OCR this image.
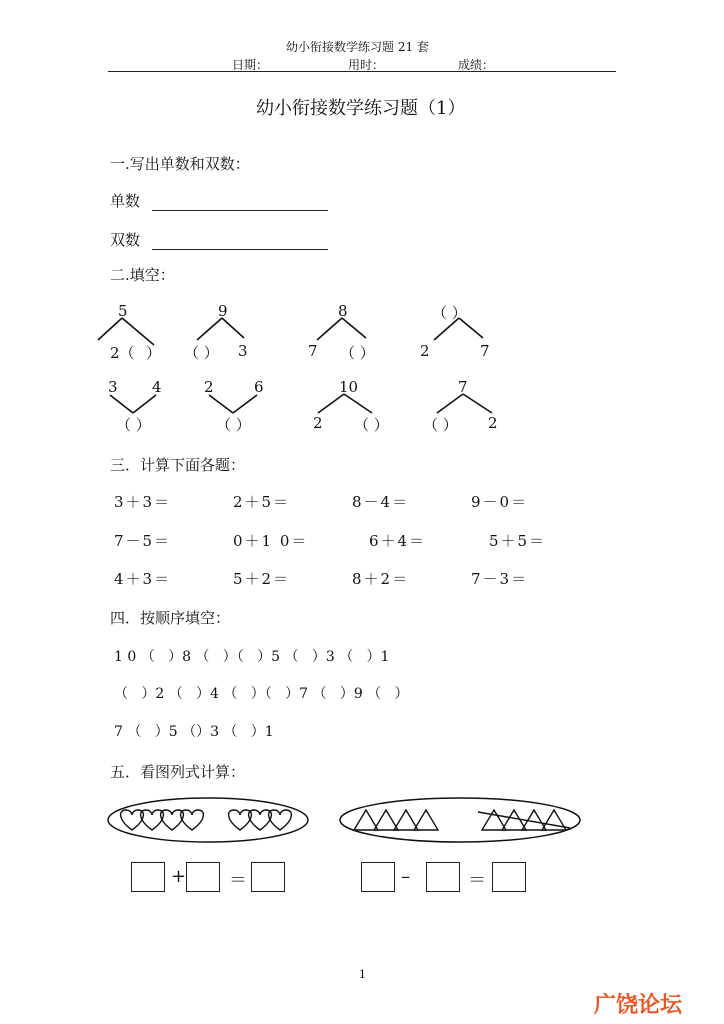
幼小衔接数学练习题 21 套
日期：	用时：	成绩：
幼小衔接数学练习题（1）
一.写出单数和双数：
单数
双数
二.填空：
5
2（ ）
9
（ ） 3
8
7 （ ）
（ ）
2	7
3 4
（ ）
2	6
（ ）
10
2 （ ）
7
（ ） 2
三．计算下面各题：
3＋3＝	2＋5＝	8－4＝	9－0＝
7－5＝	0＋1 0＝	6＋4＝	5＋5＝
4＋3＝	5＋2＝	8＋2＝	7－3＝
四．按顺序填空：
1 0 （   ）8 （   ）（   ）5 （   ）3 （   ）1
（   ）2 （   ）4 （   ）（   ）7 （   ）9 （   ）
7 （   ）5 （）3 （   ）1
五．看图列式计算：
+ ＝	–	＝
1
广饶论坛
